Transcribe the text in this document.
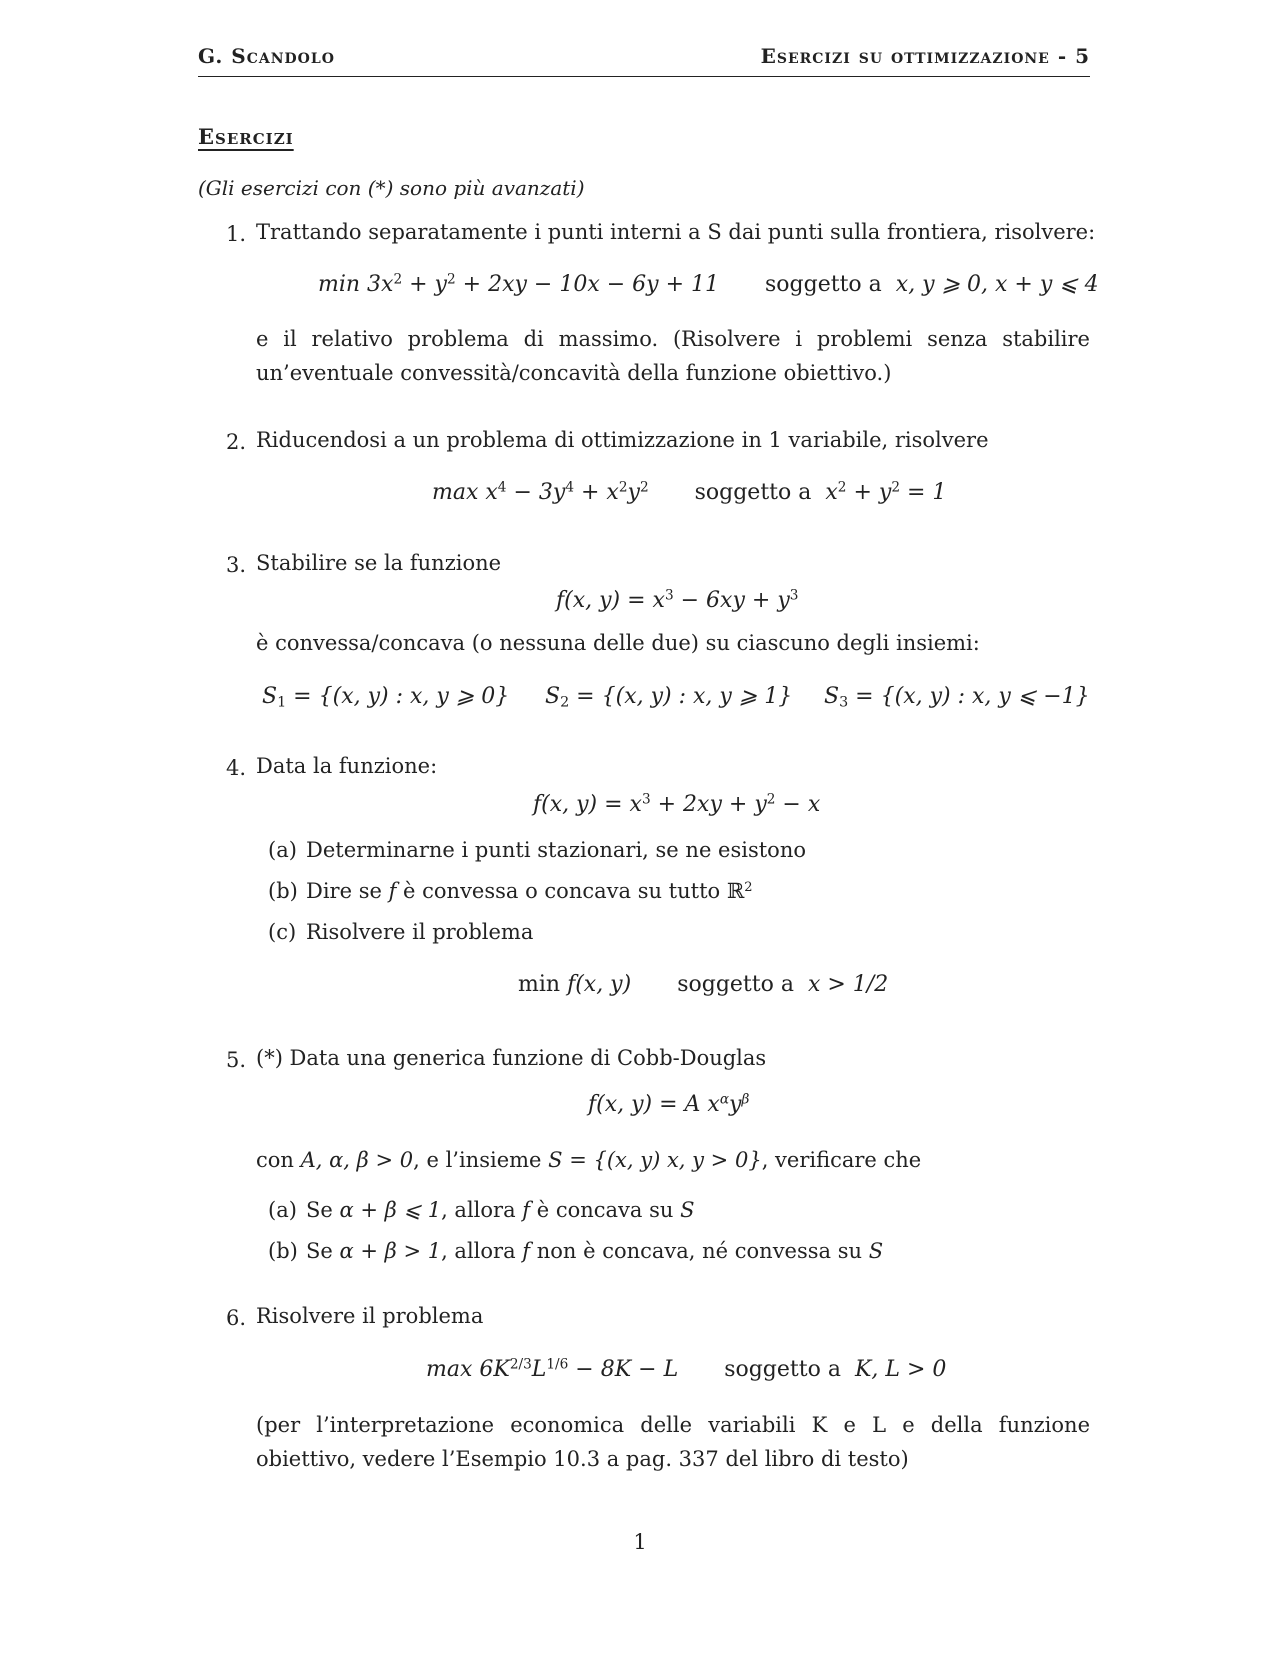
G. Scandolo	Esercizi su ottimizzazione - 5
Esercizi
(Gli esercizi con (*) sono più avanzati)
1. Trattando separatamente i punti interni a S dai punti sulla frontiera, risolvere:
$\min 3x^2 + y^2 + 2xy - 10x - 6y + 11$ soggetto a x, y ⩾ 0, x + y ⩽ 4
e il relativo problema di massimo. (Risolvere i problemi senza stabilire un’eventuale convessità/concavità della funzione obiettivo.)
2. Riducendosi a un problema di ottimizzazione in 1 variabile, risolvere
$\max x^4 - 3y^4 + x^2y^2$ soggetto a $x^2 + y^2 = 1$
3. Stabilire se la funzione
f(x, $y) = x^3 - 6xy + y^3$
è convessa/concava (o nessuna delle due) su ciascuno degli insiemi:
$S_1 = \{(x$, y) : x, y ⩾ 0} $S_2 = \{(x$, y) : x, y ⩾ 1} $S_3 = \{(x$, y) : x, y ⩽ −1}
4. Data la funzione:
f(x, $y) = x^3 + 2xy + y^2 - x$
(a) Determinarne i punti stazionari, se ne esistono
(b) Dire se f è convessa o concava su tutto ℝ$^2$
(c) Risolvere il problema
min f(x, y) soggetto a x > 1/2
5. (*) Data una generica funzione di Cobb-Douglas
f(x, y) = A $x^\alpha y^\beta$
con A, α, β > 0, e l’insieme S = {(x, y) x, y > 0}, verificare che
(a) Se α + β ⩽ 1, allora f è concava su S
(b) Se α + β > 1, allora f non è concava, né convessa su S
6. Risolvere il problema
$\max 6K^{2/3}L^{1/6} - 8K - L$ soggetto a K, L > 0
(per l’interpretazione economica delle variabili K e L e della funzione obiettivo, vedere l’Esempio 10.3 a pag. 337 del libro di testo)
1
